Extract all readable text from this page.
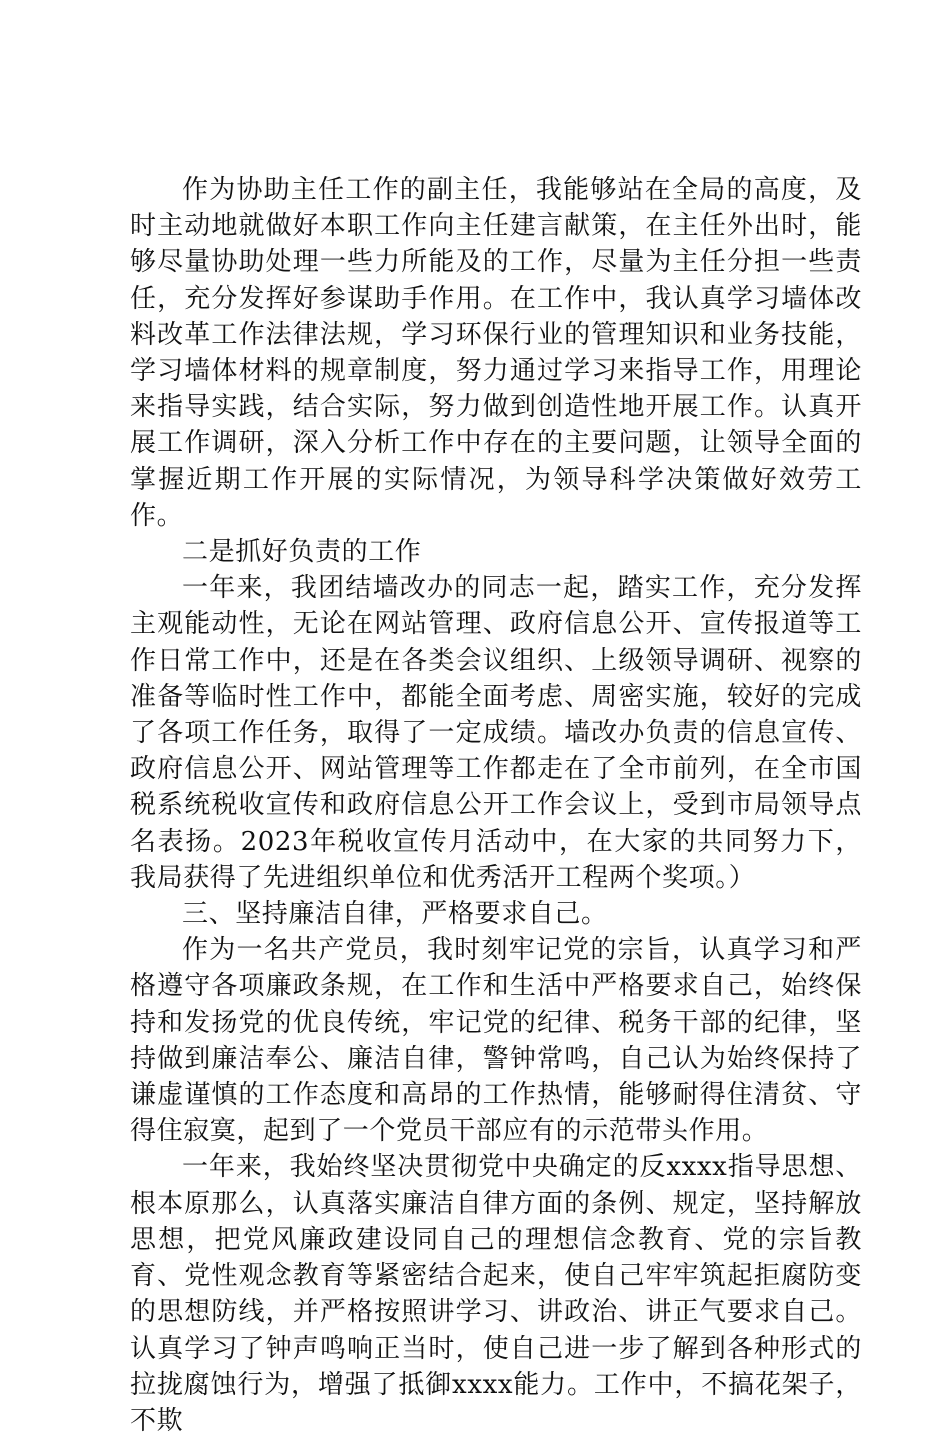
作为协助主任工作的副主任，我能够站在全局的高度，及时主动地就做好本职工作向主任建言献策，在主任外出时，能够尽量协助处理一些力所能及的工作，尽量为主任分担一些责任，充分发挥好参谋助手作用。在工作中，我认真学习墙体改料改革工作法律法规，学习环保行业的管理知识和业务技能，学习墙体材料的规章制度，努力通过学习来指导工作，用理论来指导实践，结合实际，努力做到创造性地开展工作。认真开展工作调研，深入分析工作中存在的主要问题，让领导全面的掌握近期工作开展的实际情况，为领导科学决策做好效劳工作。

二是抓好负责的工作

一年来，我团结墙改办的同志一起，踏实工作，充分发挥主观能动性，无论在网站管理、政府信息公开、宣传报道等工作日常工作中，还是在各类会议组织、上级领导调研、视察的准备等临时性工作中，都能全面考虑、周密实施，较好的完成了各项工作任务，取得了一定成绩。墙改办负责的信息宣传、政府信息公开、网站管理等工作都走在了全市前列，在全市国税系统税收宣传和政府信息公开工作会议上，受到市局领导点名表扬。2023年税收宣传月活动中，在大家的共同努力下，我局获得了先进组织单位和优秀活开工程两个奖项。）

三、坚持廉洁自律，严格要求自己。

作为一名共产党员，我时刻牢记党的宗旨，认真学习和严格遵守各项廉政条规，在工作和生活中严格要求自己，始终保持和发扬党的优良传统，牢记党的纪律、税务干部的纪律，坚持做到廉洁奉公、廉洁自律，警钟常鸣，自己认为始终保持了谦虚谨慎的工作态度和高昂的工作热情，能够耐得住清贫、守得住寂寞，起到了一个党员干部应有的示范带头作用。

一年来，我始终坚决贯彻党中央确定的反xxxx指导思想、根本原那么，认真落实廉洁自律方面的条例、规定，坚持解放思想，把党风廉政建设同自己的理想信念教育、党的宗旨教育、党性观念教育等紧密结合起来，使自己牢牢筑起拒腐防变的思想防线，并严格按照讲学习、讲政治、讲正气要求自己。认真学习了钟声鸣响正当时，使自己进一步了解到各种形式的拉拢腐蚀行为，增强了抵御xxxx能力。工作中，不搞花架子，不欺
